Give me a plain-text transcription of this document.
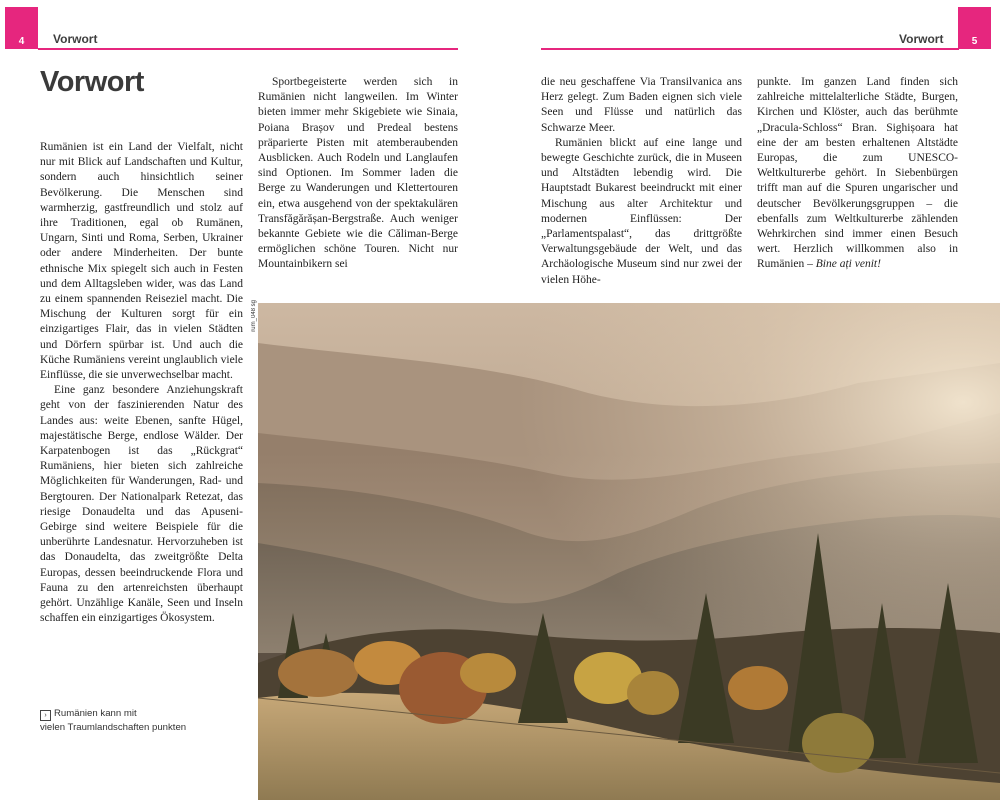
4 Vorwort	5
Vorwort
Vorwort

Rumänien ist ein Land der Vielfalt, nicht nur mit Blick auf Landschaften und Kultur, sondern auch hinsichtlich seiner Bevölkerung. Die Menschen sind warmherzig, gastfreundlich und stolz auf ihre Traditionen, egal ob Rumänen, Ungarn, Sinti und Roma, Serben, Ukrainer oder andere Minderheiten. Der bunte ethnische Mix spiegelt sich auch in Festen und dem Alltagsleben wider, was das Land zu einem spannenden Reiseziel macht. Die Mischung der Kulturen sorgt für ein einzigartiges Flair, das in vielen Städten und Dörfern spürbar ist. Und auch die Küche Rumäniens vereint unglaublich viele Einflüsse, die sie unverwechselbar macht.

Eine ganz besondere Anziehungskraft geht von der faszinierenden Natur des Landes aus: weite Ebenen, sanfte Hügel, majestätische Berge, endlose Wälder. Der Karpatenbogen ist das „Rückgrat“ Rumäniens, hier bieten sich zahlreiche Möglichkeiten für Wanderungen, Rad- und Bergtouren. Der Nationalpark Retezat, das riesige Donaudelta und das Apuseni-Gebirge sind weitere Beispiele für die unberührte Landesnatur. Hervorzuheben ist das Donaudelta, das zweitgrößte Delta Europas, dessen beeindruckende Flora und Fauna zu den artenreichsten überhaupt gehört. Unzählige Kanäle, Seen und Inseln schaffen ein einzigartiges Ökosystem.

Sportbegeisterte werden sich in Rumänien nicht langweilen. Im Winter bieten immer mehr Skigebiete wie Sinaia, Poiana Brașov und Predeal bestens präparierte Pisten mit atemberaubenden Ausblicken. Auch Rodeln und Langlaufen sind Optionen. Im Sommer laden die Berge zu Wanderungen und Klettertouren ein, etwa ausgehend von der spektakulären Transfăgărășan-Bergstraße. Auch weniger bekannte Gebiete wie die Căliman-Berge ermöglichen schöne Touren. Nicht nur Mountainbikern sei

die neu geschaffene Via Transilvanica ans Herz gelegt. Zum Baden eignen sich viele Seen und Flüsse und natürlich das Schwarze Meer.

Rumänien blickt auf eine lange und bewegte Geschichte zurück, die in Museen und Altstädten lebendig wird. Die Hauptstadt Bukarest beeindruckt mit einer Mischung aus alter Architektur und modernen Einflüssen: Der „Parlamentspalast“, das drittgrößte Verwaltungsgebäude der Welt, und das Archäologische Museum sind nur zwei der vielen Höhe-

punkte. Im ganzen Land finden sich zahlreiche mittelalterliche Städte, Burgen, Kirchen und Klöster, auch das berühmte „Dracula-Schloss“ Bran. Sighișoara hat eine der am besten erhaltenen Altstädte Europas, die zum UNESCO-Weltkulturerbe gehört. In Siebenbürgen trifft man auf die Spuren ungarischer und deutscher Bevölkerungsgruppen – die ebenfalls zum Weltkulturerbe zählenden Wehrkirchen sind immer einen Besuch wert. Herzlich willkommen also in Rumänien – Bine ați venit!

› Rumänien kann mit
vielen Traumlandschaften punkten
rum_048 sg
